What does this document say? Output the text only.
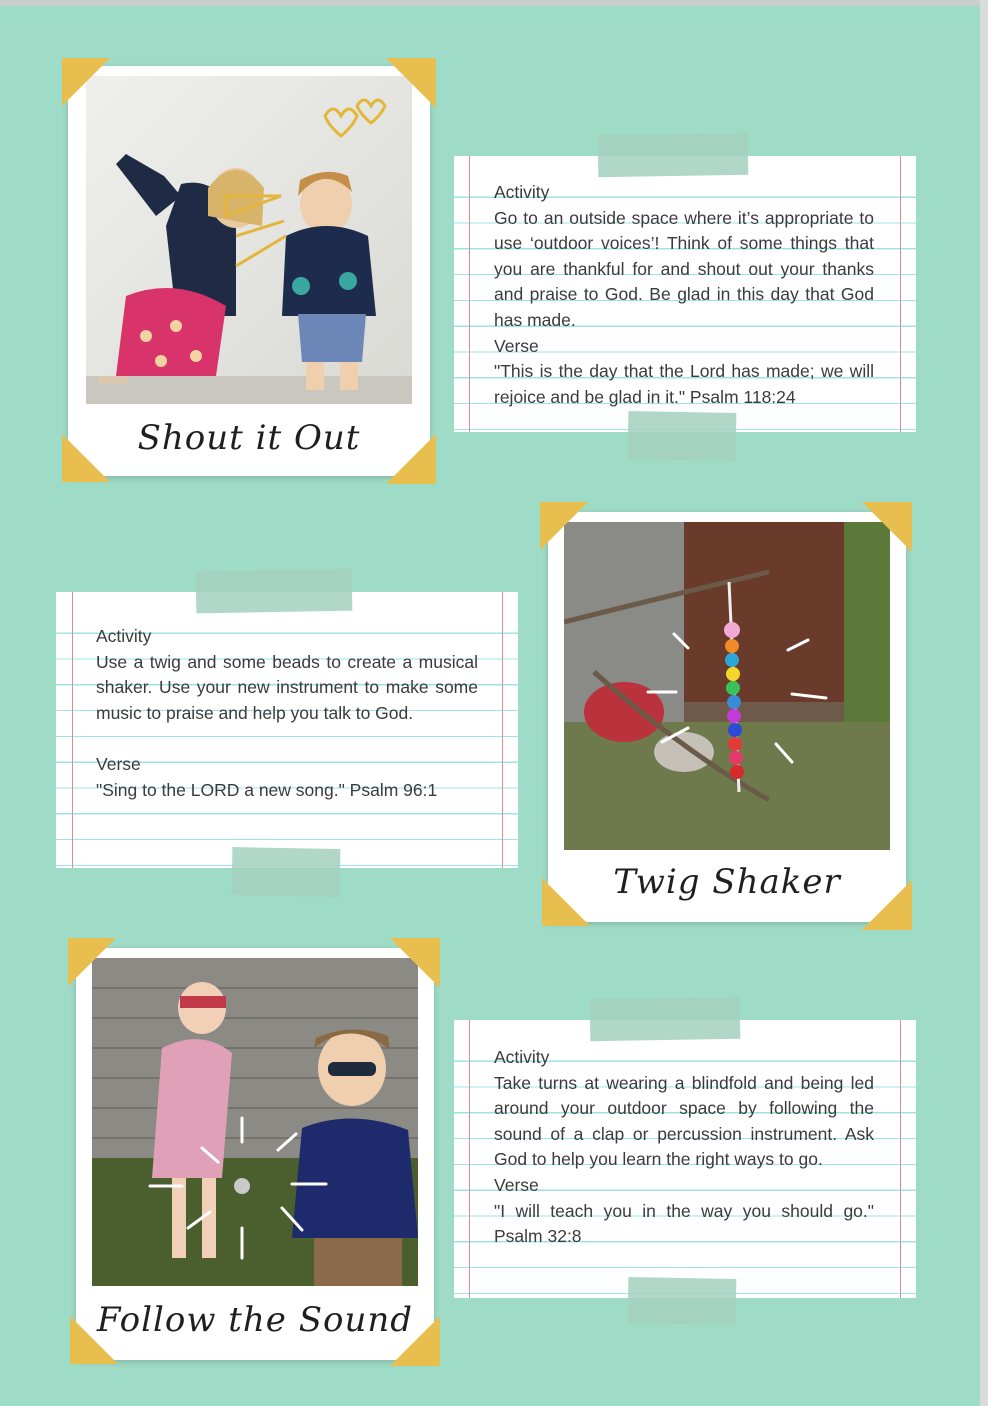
Shout it Out
Activity
Go to an outside space where it’s appropriate to use ‘outdoor voices’! Think of some things that you are thankful for and shout out your thanks and praise to God. Be glad in this day that God has made.
Verse
"This is the day that the Lord has made; we will rejoice and be glad in it." Psalm 118:24
Activity
Use a twig and some beads to create a musical shaker. Use your new instrument to make some music to praise and help you talk to God.
Verse
"Sing to the LORD a new song." Psalm 96:1
Twig Shaker
Follow the Sound
Activity
Take turns at wearing a blindfold and being led around your outdoor space by following the sound of a clap or percussion instrument. Ask God to help you learn the right ways to go.
Verse
"I will teach you in the way you should go." Psalm 32:8
